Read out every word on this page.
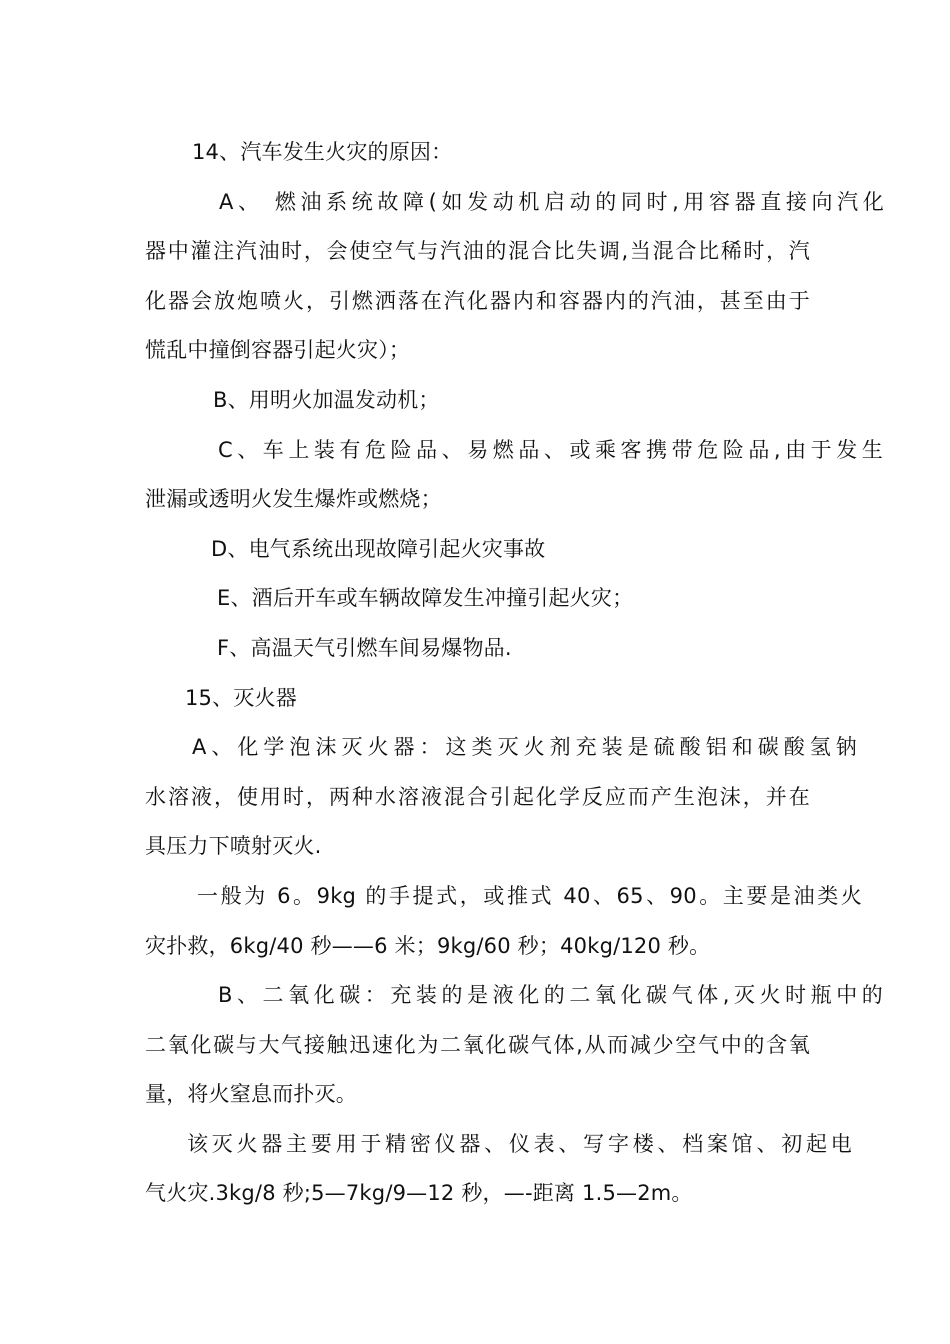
14、汽车发生火灾的原因：
A、 燃油系统故障(如发动机启动的同时,用容器直接向汽化
器中灌注汽油时，会使空气与汽油的混合比失调,当混合比稀时，汽
化器会放炮喷火，引燃洒落在汽化器内和容器内的汽油，甚至由于
慌乱中撞倒容器引起火灾）；
B、用明火加温发动机；
C、车上装有危险品、易燃品、或乘客携带危险品,由于发生
泄漏或透明火发生爆炸或燃烧；
D、电气系统出现故障引起火灾事故
E、酒后开车或车辆故障发生冲撞引起火灾；
F、高温天气引燃车间易爆物品.
15、灭火器
A、化学泡沫灭火器：这类灭火剂充装是硫酸铝和碳酸氢钠
水溶液，使用时，两种水溶液混合引起化学反应而产生泡沫，并在
具压力下喷射灭火.
一般为 6。9kg 的手提式，或推式 40、65、90。主要是油类火
灾扑救，6kg/40 秒——6 米；9kg/60 秒；40kg/120 秒。
B、二氧化碳：充装的是液化的二氧化碳气体,灭火时瓶中的
二氧化碳与大气接触迅速化为二氧化碳气体,从而减少空气中的含氧
量，将火窒息而扑灭。
该灭火器主要用于精密仪器、仪表、写字楼、档案馆、初起电
气火灾.3kg/8 秒;5—7kg/9—12 秒，—-距离 1.5—2m。
